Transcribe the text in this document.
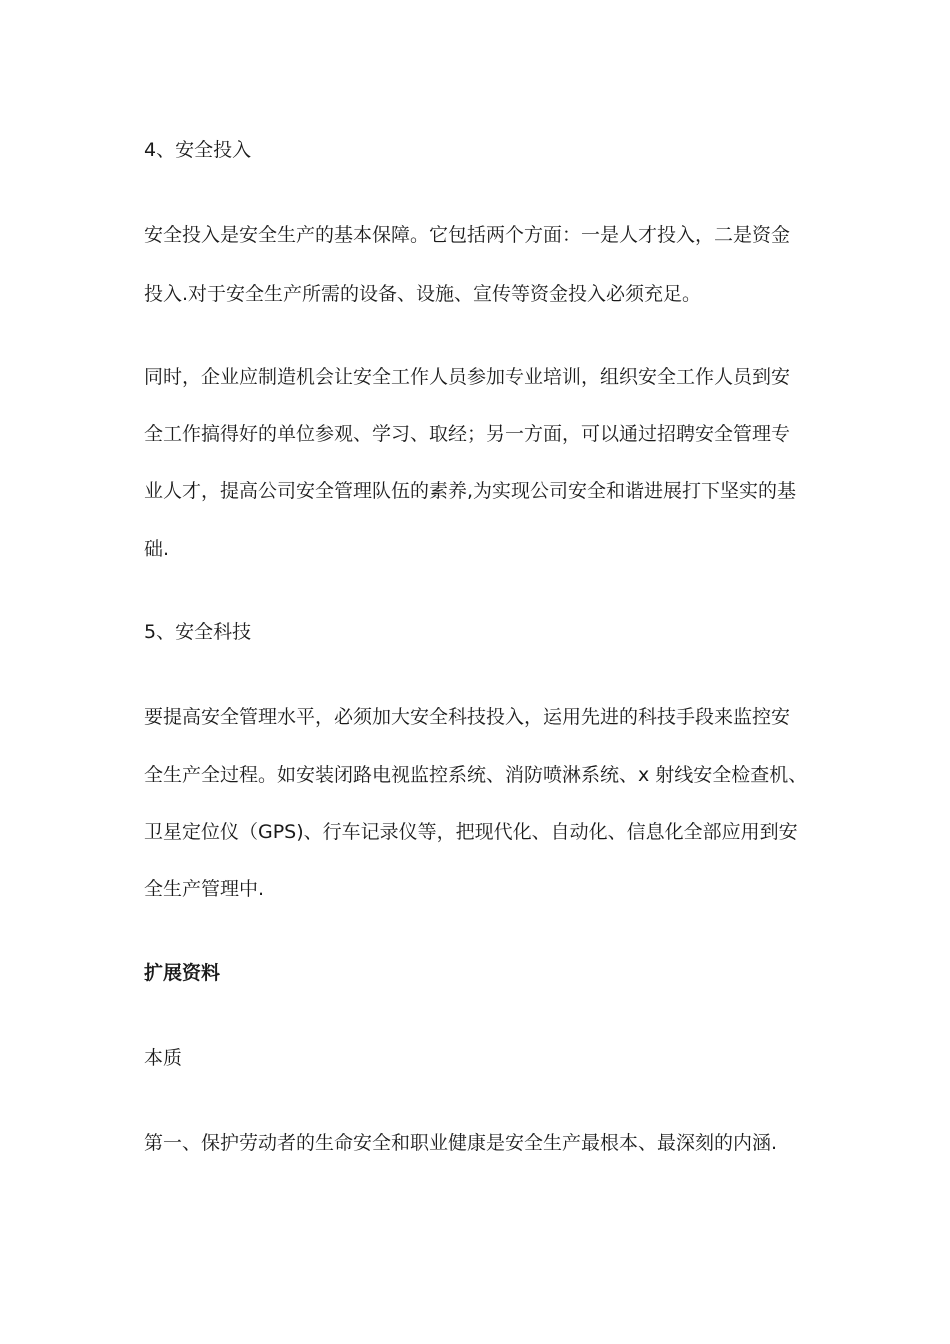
4、安全投入

安全投入是安全生产的基本保障。它包括两个方面：一是人才投入，二是资金

投入.对于安全生产所需的设备、设施、宣传等资金投入必须充足。

同时，企业应制造机会让安全工作人员参加专业培训，组织安全工作人员到安

全工作搞得好的单位参观、学习、取经；另一方面，可以通过招聘安全管理专

业人才，提高公司安全管理队伍的素养,为实现公司安全和谐进展打下坚实的基

础.

5、安全科技

要提高安全管理水平，必须加大安全科技投入，运用先进的科技手段来监控安

全生产全过程。如安装闭路电视监控系统、消防喷淋系统、x 射线安全检查机、

卫星定位仪（GPS)、行车记录仪等，把现代化、自动化、信息化全部应用到安

全生产管理中.

扩展资料

本质

第一、保护劳动者的生命安全和职业健康是安全生产最根本、最深刻的内涵.
